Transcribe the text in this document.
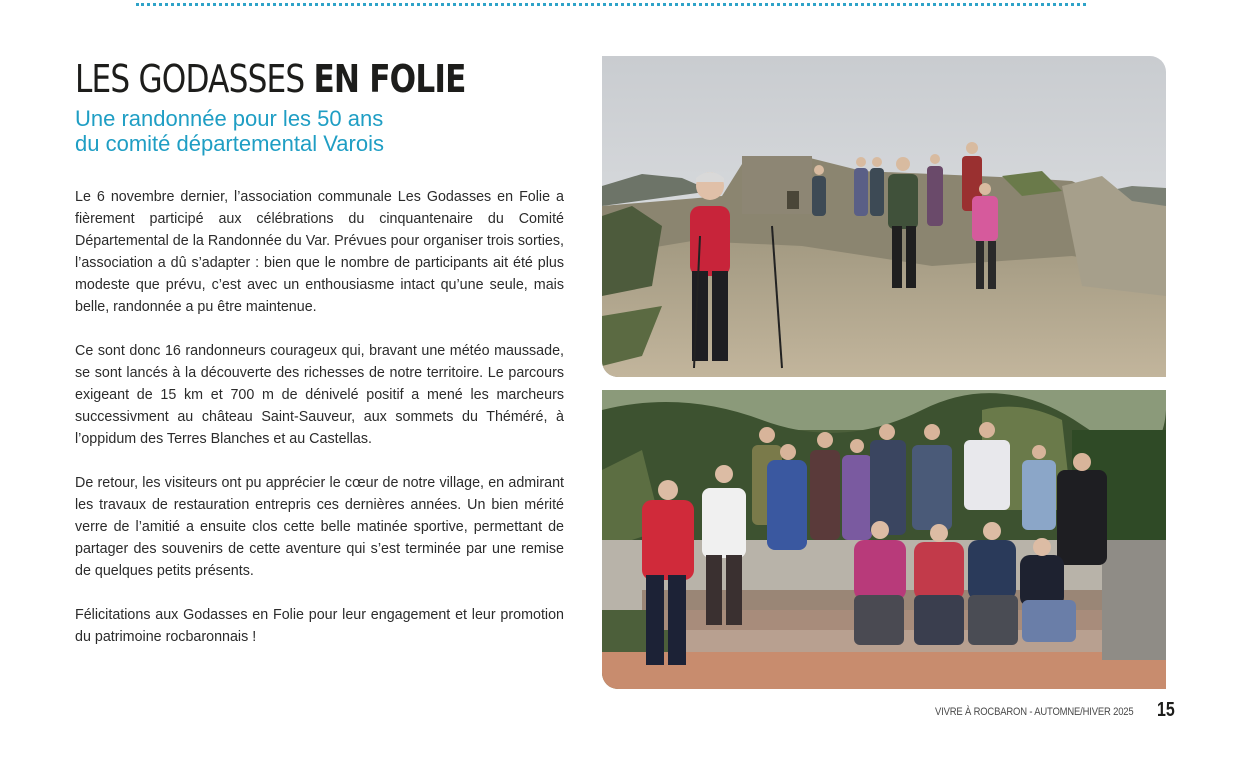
LES GODASSES EN FOLIE
Une randonnée pour les 50 ans
du comité départemental Varois

Le 6 novembre dernier, l’association communale Les Godasses en Folie a fièrement participé aux célébrations du cinquantenaire du Comité Départemental de la Randonnée du Var. Prévues pour organiser trois sorties, l’association a dû s’adapter : bien que le nombre de participants ait été plus modeste que prévu, c’est avec un enthousiasme intact qu’une seule, mais belle, randonnée a pu être maintenue.

Ce sont donc 16 randonneurs courageux qui, bravant une météo maussade, se sont lancés à la découverte des richesses de notre territoire. Le parcours exigeant de 15 km et 700 m de dénivelé positif a mené les marcheurs successivment au château Saint-Sauveur, aux sommets du Théméré, à l’oppidum des Terres Blanches et au Castellas.

De retour, les visiteurs ont pu apprécier le cœur de notre village, en admirant les travaux de restauration entrepris ces dernières années. Un bien mérité verre de l’amitié a ensuite clos cette belle matinée sportive, permettant de partager des souvenirs de cette aventure qui s’est terminée par une remise de quelques petits présents.

Félicitations aux Godasses en Folie pour leur engagement et leur promotion du patrimoine rocbaronnais !

VIVRE À ROCBARON - AUTOMNE/HIVER 2025 15
